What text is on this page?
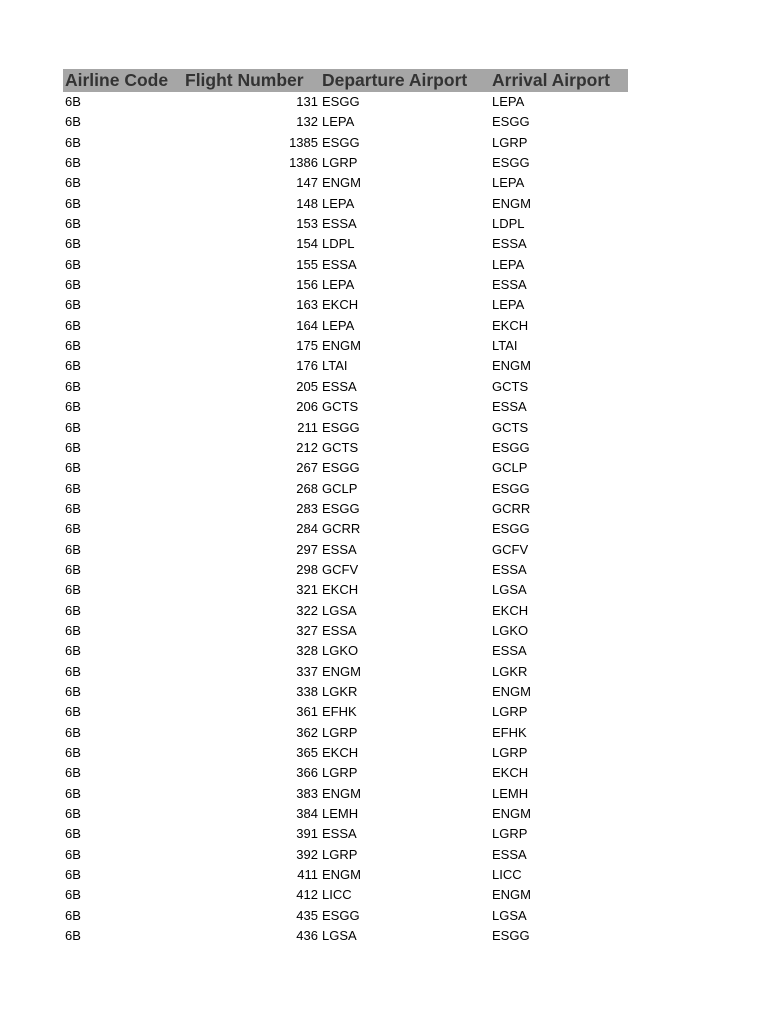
Airline Code Flight Number	Departure Airport	Arrival Airport
6B	131 ESGG	LEPA
6B	132 LEPA	ESGG
6B	1385 ESGG	LGRP
6B	1386 LGRP	ESGG
6B	147 ENGM	LEPA
6B	148 LEPA	ENGM
6B	153 ESSA	LDPL
6B	154 LDPL	ESSA
6B	155 ESSA	LEPA
6B	156 LEPA	ESSA
6B	163 EKCH	LEPA
6B	164 LEPA	EKCH
6B	175 ENGM	LTAI
6B	176 LTAI	ENGM
6B	205 ESSA	GCTS
6B	206 GCTS	ESSA
6B	211 ESGG	GCTS
6B	212 GCTS	ESGG
6B	267 ESGG	GCLP
6B	268 GCLP	ESGG
6B	283 ESGG	GCRR
6B	284 GCRR	ESGG
6B	297 ESSA	GCFV
6B	298 GCFV	ESSA
6B	321 EKCH	LGSA
6B	322 LGSA	EKCH
6B	327 ESSA	LGKO
6B	328 LGKO	ESSA
6B	337 ENGM	LGKR
6B	338 LGKR	ENGM
6B	361 EFHK	LGRP
6B	362 LGRP	EFHK
6B	365 EKCH	LGRP
6B	366 LGRP	EKCH
6B	383 ENGM	LEMH
6B	384 LEMH	ENGM
6B	391 ESSA	LGRP
6B	392 LGRP	ESSA
6B	411 ENGM	LICC
6B	412 LICC	ENGM
6B	435 ESGG	LGSA
6B	436 LGSA	ESGG
